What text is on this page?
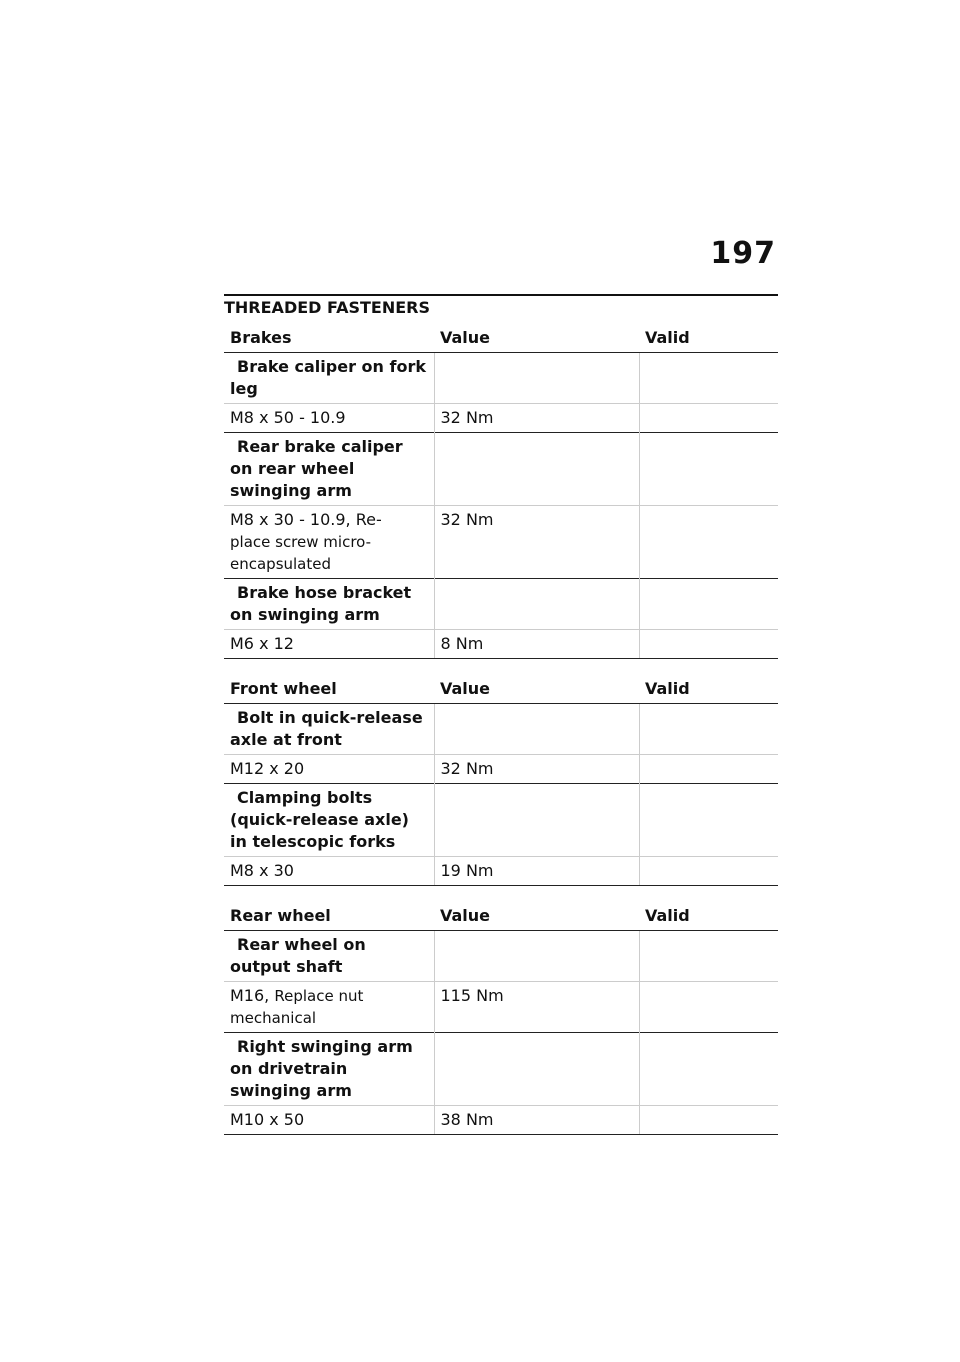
197
THREADED FASTENERS
Brakes	Value	Valid
Brake caliper on fork leg		
M8 x 50 - 10.9	32 Nm	
Rear brake caliper on rear wheel swinging arm		
M8 x 30 - 10.9, Re-
place screw micro-encapsulated	32 Nm	
Brake hose bracket on swinging arm		
M6 x 12	8 Nm	
Front wheel	Value	Valid
Bolt in quick-release axle at front		
M12 x 20	32 Nm	
Clamping bolts (quick-release axle) in telescopic forks		
M8 x 30	19 Nm	
Rear wheel	Value	Valid
Rear wheel on output shaft		
M16, Replace nut mechanical	115 Nm	
Right swinging arm on drivetrain swinging arm		
M10 x 50	38 Nm	
